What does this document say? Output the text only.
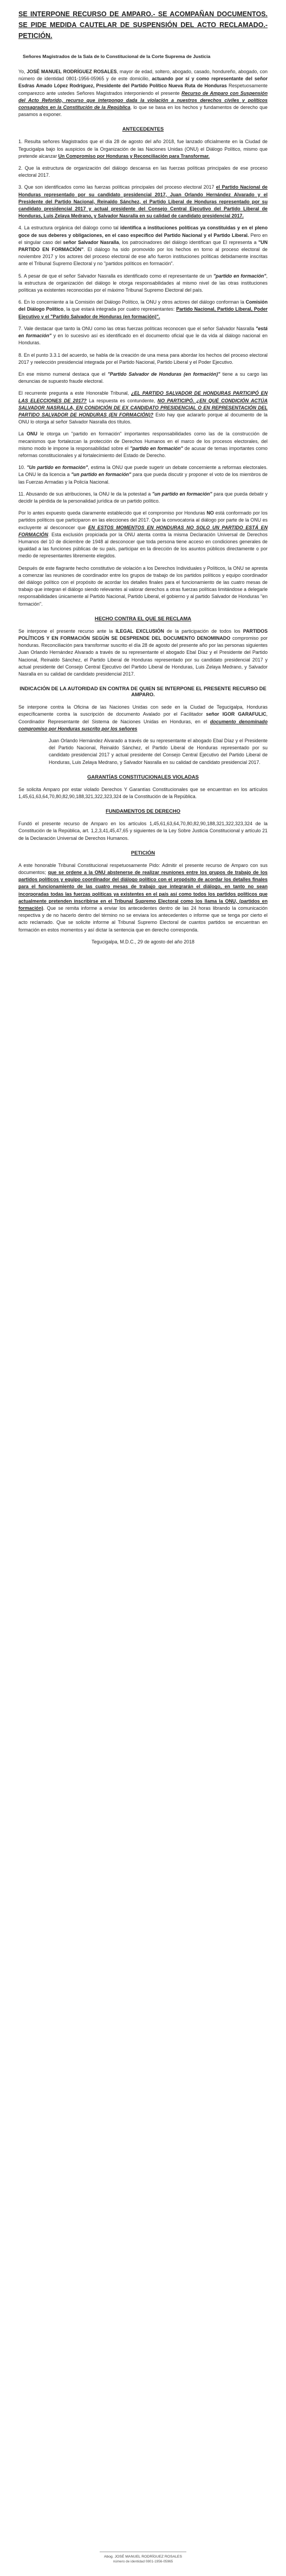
SE INTERPONE RECURSO DE AMPARO.- SE ACOMPAÑAN DOCUMENTOS. SE PIDE MEDIDA CAUTELAR DE SUSPENSIÓN DEL ACTO RECLAMADO.- PETICIÓN.
Señores Magistrados de la Sala de lo Constitucional de la Corte Suprema de Justicia

Yo, JOSÉ MANUEL RODRÍGUEZ ROSALES, mayor de edad, soltero, abogado, casado, hondureño, abogado, con número de identidad 0801-1956-05965 y de este domicilio, actuando por sí y como representante del señor Esdras Amado López Rodríguez, Presidente del Partido Político Nueva Ruta de Honduras Respetuosamente comparezco ante ustedes Señores Magistrados interponiendo el presente Recurso de Amparo con Suspensión del Acto Reforido, recurso que interpongo dada la violación a nuestros derechos civiles y políticos consagrados en la Constitución de la República, lo que se basa en los hechos y fundamentos de derecho que pasamos a exponer.

ANTECEDENTES

1. Resulta señores Magistrados que el día 28 de agosto del año 2018, fue lanzado oficialmente en la Ciudad de Tegucigalpa bajo los auspicios de la Organización de las Naciones Unidas (ONU) el Diálogo Político, mismo que pretende alcanzar Un Compromiso por Honduras y Reconciliación para Transformar.

2. Que la estructura de organización del diálogo descansa en las fuerzas políticas principales de ese proceso electoral 2017.

3. Que son identificados como las fuerzas políticas principales del proceso electoral 2017 el Partido Nacional de Honduras representado por su candidato presidencial 2017, Juan Orlando Hernández Alvarado y el Presidente del Partido Nacional, Reinaldo Sánchez, el Partido Liberal de Honduras representado por su candidato presidencial 2017 y actual presidente del Consejo Central Ejecutivo del Partido Liberal de Honduras, Luis Zelaya Medrano, y Salvador Nasralla en su calidad de candidato presidencial 2017.

4. La estructura orgánica del diálogo como tal identifica a instituciones políticas ya constituidas y en el pleno goce de sus deberes y obligaciones, en el caso específico del Partido Nacional y el Partido Liberal. Pero en el singular caso del señor Salvador Nasralla, los patrocinadores del diálogo identifican que El representa a "UN PARTIDO EN FORMACIÓN". El diálogo ha sido promovido por los hechos en torno al proceso electoral de noviembre 2017 y los actores del proceso electoral de ese año fueron instituciones políticas debidamente inscritas ante el Tribunal Supremo Electoral y no "partidos políticos en formación".

5. A pesar de que el señor Salvador Nasralla es identificado como el representante de un "partido en formación", la estructura de organización del diálogo le otorga responsabilidades al mismo nivel de las otras instituciones políticas ya existentes reconocidas por el máximo Tribunal Supremo Electoral del país.

6. En lo concerniente a la Comisión del Diálogo Político, la ONU y otros actores del diálogo conforman la Comisión del Diálogo Político, la que estará integrada por cuatro representantes: Partido Nacional, Partido Liberal, Poder Ejecutivo y el "Partido Salvador de Honduras (en formación)".

7. Vale destacar que tanto la ONU como las otras fuerzas políticas reconocen que el señor Salvador Nasralla "está en formación" y en lo sucesivo así es identificado en el documento oficial que le da vida al diálogo nacional en Honduras.

8. En el punto 3.3.1 del acuerdo, se habla de la creación de una mesa para abordar los hechos del proceso electoral 2017 y reelección presidencial integrada por el Partido Nacional, Partido Liberal y el Poder Ejecutivo.

En ese mismo numeral destaca que el "Partido Salvador de Honduras (en formación)" tiene a su cargo las denuncias de supuesto fraude electoral.

El recurrente pregunta a este Honorable Tribunal, ¿EL PARTIDO SALVADOR DE HONDURAS PARTICIPÓ EN LAS ELECCIONES DE 2017? La respuesta es contundente, NO PARTICIPÓ. ¿EN QUÉ CONDICIÓN ACTÚA SALVADOR NASRALLA, EN CONDICIÓN DE EX CANDIDATO PRESIDENCIAL O EN REPRESENTACIÓN DEL PARTIDO SALVADOR DE HONDURAS (EN FORMACIÓN)? Esto hay que aclararlo porque al documento de la ONU lo otorga al señor Salvador Nasralla dos títulos.

La ONU le otorga un "partido en formación" importantes responsabilidades como las de la construcción de mecanismos que fortalezcan la protección de Derechos Humanos en el marco de los procesos electorales, del mismo modo le impone la responsabilidad sobre el "partido en formación" de acusar de temas importantes como reformas constitucionales y al fortalecimiento del Estado de Derecho.

10. "Un partido en formación", estima la ONU que puede sugerir un debate concerniente a reformas electorales. La ONU le da licencia a "un partido en formación" para que pueda discutir y proponer el voto de los miembros de las Fuerzas Armadas y la Policía Nacional.

11. Abusando de sus atribuciones, la ONU le da la potestad a "un partido en formación" para que pueda debatir y decidir la pérdida de la personalidad jurídica de un partido político.

Por lo antes expuesto queda claramente establecido que el compromiso por Honduras NO está conformado por los partidos políticos que participaron en las elecciones del 2017. Que la convocatoria al diálogo por parte de la ONU es excluyente al desconocer que EN ESTOS MOMENTOS EN HONDURAS NO SOLO UN PARTIDO ESTÁ EN FORMACIÓN. Esta exclusión propiciada por la ONU atenta contra la misma Declaración Universal de Derechos Humanos del 10 de diciembre de 1948 al desconocer que toda persona tiene acceso en condiciones generales de igualdad a las funciones públicas de su país, participar en la dirección de los asuntos públicos directamente o por medio de representantes libremente elegidos.

Después de este flagrante hecho constitutivo de violación a los Derechos Individuales y Políticos, la ONU se apresta a comenzar las reuniones de coordinador entre los grupos de trabajo de los partidos políticos y equipo coordinador del diálogo político con el propósito de acordar los detalles finales para el funcionamiento de las cuatro mesas de trabajo que integran el diálogo siendo relevantes al valorar derechos a otras fuerzas políticas limitándose a delegarle responsabilidades únicamente al Partido Nacional, Partido Liberal, el gobierno y al partido Salvador de Honduras "en formación".

HECHO CONTRA EL QUE SE RECLAMA

Se interpone el presente recurso ante la ILEGAL EXCLUSIÓN de la participación de todos los PARTIDOS POLÍTICOS Y EN FORMACIÓN SEGÚN SE DESPRENDE DEL DOCUMENTO DENOMINADO compromiso por honduras. Reconciliación para transformar suscrito el día 28 de agosto del presente año por las personas siguientes Juan Orlando Hernández Alvarado a través de su representante el abogado Ebal Díaz y el Presidente del Partido Nacional, Reinaldo Sánchez, el Partido Liberal de Honduras representado por su candidato presidencial 2017 y actual presidente del Consejo Central Ejecutivo del Partido Liberal de Honduras, Luis Zelaya Medrano, y Salvador Nasralla en su calidad de candidato presidencial 2017.

INDICACIÓN DE LA AUTORIDAD EN CONTRA DE QUIEN SE INTERPONE EL PRESENTE RECURSO DE AMPARO.

Se interpone contra la Oficina de las Naciones Unidas con sede en la Ciudad de Tegucigalpa, Honduras específicamente contra la suscripción de documento Avalado por el Facilitador señor IGOR GARAFULIC, Coordinador Representante del Sistema de Naciones Unidas en Honduras, en el documento denominado compromiso por Honduras suscrito por los señores

Juan Orlando Hernández Alvarado a través de su representante el abogado Ebal Díaz y el Presidente del Partido Nacional, Reinaldo Sánchez, el Partido Liberal de Honduras representado por su candidato presidencial 2017 y actual presidente del Consejo Central Ejecutivo del Partido Liberal de Honduras, Luis Zelaya Medrano, y Salvador Nasralla en su calidad de candidato presidencial 2017.

GARANTÍAS CONSTITUCIONALES VIOLADAS

Se solicita Amparo por estar violado Derechos Y Garantías Constitucionales que se encuentran en los artículos 1,45,61,63,64,70,80,82,90,188,321,322,323,324 de la Constitución de la República.

FUNDAMENTOS DE DERECHO

Fundó el presente recurso de Amparo en los artículos 1,45,61,63,64,70,80,82,90,188,321,322,323,324 de la Constitución de la República, art. 1,2,3,41,45,47,65 y siguientes de la Ley Sobre Justicia Constitucional y artículo 21 de la Declaración Universal de Derechos Humanos.

PETICIÓN

A este honorable Tribunal Constitucional respetuosamente Pido: Admitir el presente recurso de Amparo con sus documentos; que se ordene a la ONU abstenerse de realizar reuniones entre los grupos de trabajo de los partidos políticos y equipo coordinador del diálogo político con el propósito de acordar los detalles finales para el funcionamiento de las cuatro mesas de trabajo que integrarán el diálogo, en tanto no sean incorporadas todas las fuerzas políticas ya existentes en el país así como todos los partidos políticos que actualmente pretenden inscribirse en el Tribunal Supremo Electoral como los llama la ONU, (partidos en formación). Que se remita informe a enviar los antecedentes dentro de las 24 horas librando la comunicación respectiva y de no hacerlo dentro del término no se enviara los antecedentes o informe que se tenga por cierto el acto reclamado. Que se solicite informe al Tribunal Supremo Electoral de cuantos partidos se encuentran en formación en estos momentos y así dictar la sentencia que en derecho corresponda.

Tegucigalpa, M.D.C., 29 de agosto del año 2018

Abog. JOSÉ MANUEL RODRÍGUEZ ROSALES
número de identidad 0801-1956-05965
